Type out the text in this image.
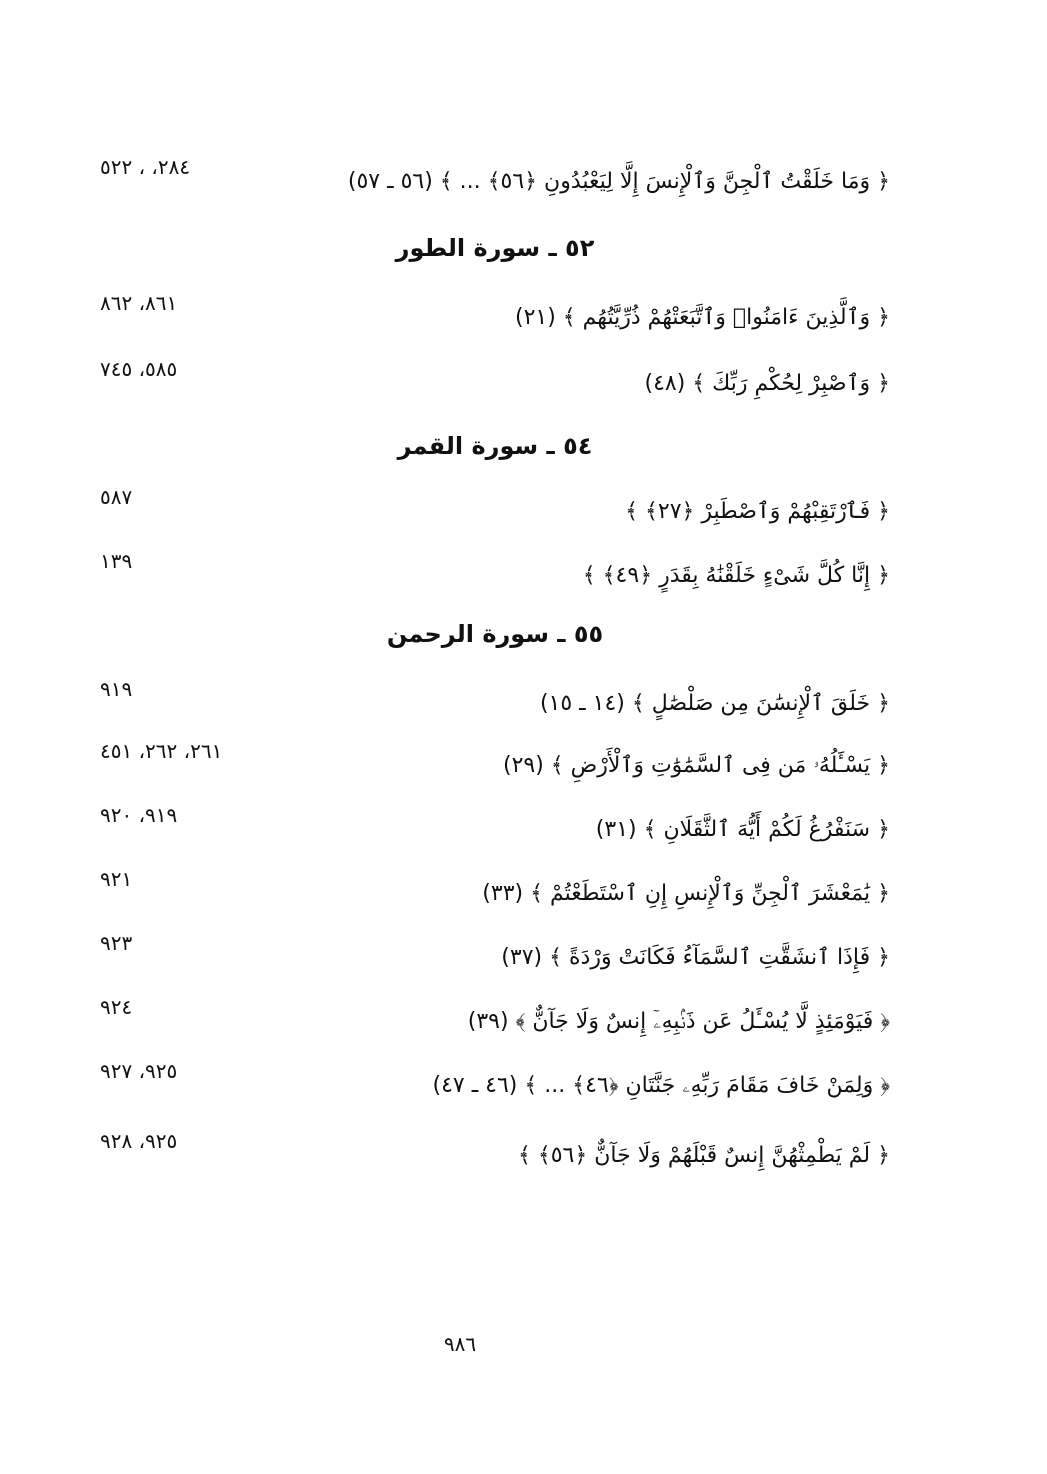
﴿ وَمَا خَلَقْتُ ٱلْجِنَّ وَٱلْإِنسَ إِلَّا لِيَعْبُدُونِ ﴿٥٦﴾ ... ﴾ (٥٦ ـ ٥٧)
٢٨٤، ، ٥٢٢
٥٢ ـ سورة الطور
﴿ وَٱلَّذِينَ ءَامَنُوا۟ وَٱتَّبَعَتْهُمْ ذُرِّيَّتُهُم ﴾ (٢١)
٨٦١، ٨٦٢
﴿ وَٱصْبِرْ لِحُكْمِ رَبِّكَ ﴾ (٤٨)
٥٨٥، ٧٤٥
٥٤ ـ سورة القمر
﴿ فَٱرْتَقِبْهُمْ وَٱصْطَبِرْ ﴿٢٧﴾ ﴾
٥٨٧
﴿ إِنَّا كُلَّ شَىْءٍ خَلَقْنَٰهُ بِقَدَرٍ ﴿٤٩﴾ ﴾
١٣٩
٥٥ ـ سورة الرحمن
﴿ خَلَقَ ٱلْإِنسَٰنَ مِن صَلْصَٰلٍ ﴾ (١٤ ـ ١٥)
٩١٩
﴿ يَسْـَٔلُهُۥ مَن فِى ٱلسَّمَٰوَٰتِ وَٱلْأَرْضِ ﴾ (٢٩)
٢٦١، ٢٦٢، ٤٥١
﴿ سَنَفْرُغُ لَكُمْ أَيُّهَ ٱلثَّقَلَانِ ﴾ (٣١)
٩١٩، ٩٢٠
﴿ يَٰمَعْشَرَ ٱلْجِنِّ وَٱلْإِنسِ إِنِ ٱسْتَطَعْتُمْ ﴾ (٣٣)
٩٢١
﴿ فَإِذَا ٱنشَقَّتِ ٱلسَّمَآءُ فَكَانَتْ وَرْدَةً ﴾ (٣٧)
٩٢٣
﴿ فَيَوْمَئِذٍ لَّا يُسْـَٔلُ عَن ذَنۢبِهِۦٓ إِنسٌ وَلَا جَآنٌّ ﴾ (٣٩)
٩٢٤
﴿ وَلِمَنْ خَافَ مَقَامَ رَبِّهِۦ جَنَّتَانِ ﴿٤٦﴾ ... ﴾ (٤٦ ـ ٤٧)
٩٢٥، ٩٢٧
﴿ لَمْ يَطْمِثْهُنَّ إِنسٌ قَبْلَهُمْ وَلَا جَآنٌّ ﴿٥٦﴾ ﴾
٩٢٥، ٩٢٨
٩٨٦
